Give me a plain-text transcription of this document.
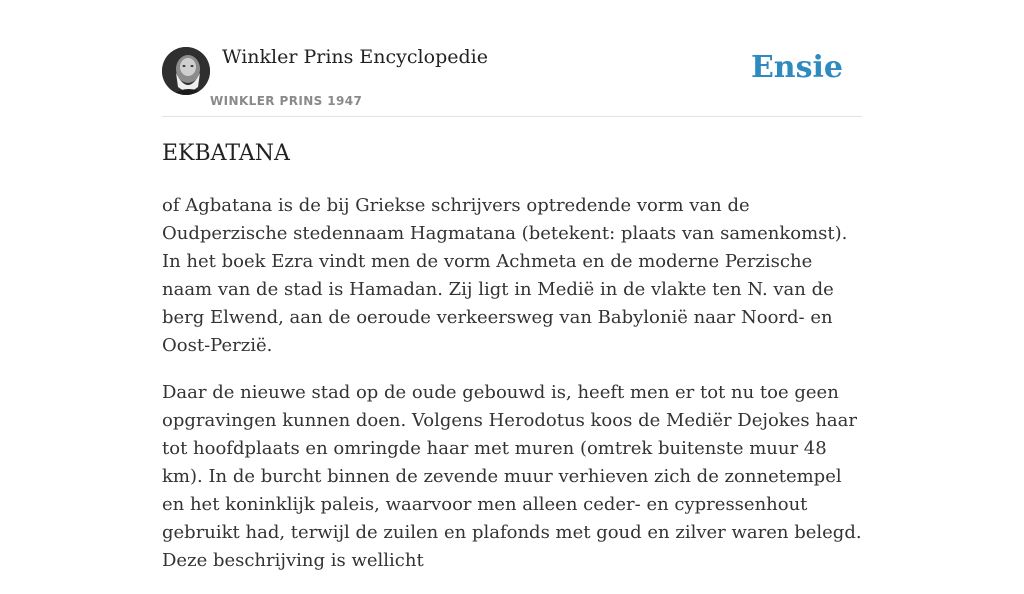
Winkler Prins Encyclopedie
WINKLER PRINS 1947
Ensie
EKBATANA

of Agbatana is de bij Griekse schrijvers optredende vorm van de Oudperzische stedennaam Hagmatana (betekent: plaats van samenkomst). In het boek Ezra vindt men de vorm Achmeta en de moderne Perzische naam van de stad is Hamadan. Zij ligt in Medië in de vlakte ten N. van de berg Elwend, aan de oeroude verkeersweg van Babylonië naar Noord- en Oost-Perzië.

Daar de nieuwe stad op de oude gebouwd is, heeft men er tot nu toe geen opgravingen kunnen doen. Volgens Herodotus koos de Mediër Dejokes haar tot hoofdplaats en omringde haar met muren (omtrek buitenste muur 48 km). In de burcht binnen de zevende muur verhieven zich de zonnetempel en het koninklijk paleis, waarvoor men alleen ceder- en cypressenhout gebruikt had, terwijl de zuilen en plafonds met goud en zilver waren belegd. Deze beschrijving is wellicht
